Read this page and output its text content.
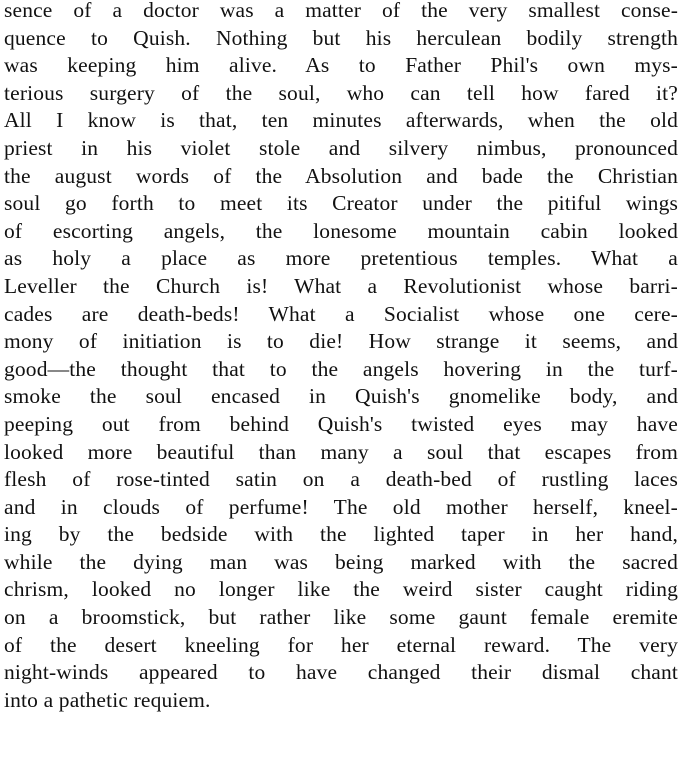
sence of a doctor was a matter of the very smallest conse-
quence to Quish. Nothing but his herculean bodily strength
was keeping him alive. As to Father Phil's own mys-
terious surgery of the soul, who can tell how fared it?
All I know is that, ten minutes afterwards, when the old
priest in his violet stole and silvery nimbus, pronounced
the august words of the Absolution and bade the Christian
soul go forth to meet its Creator under the pitiful wings
of escorting angels, the lonesome mountain cabin looked
as holy a place as more pretentious temples. What a
Leveller the Church is! What a Revolutionist whose barri-
cades are death-beds! What a Socialist whose one cere-
mony of initiation is to die! How strange it seems, and
good—the thought that to the angels hovering in the turf-
smoke the soul encased in Quish's gnomelike body, and
peeping out from behind Quish's twisted eyes may have
looked more beautiful than many a soul that escapes from
flesh of rose-tinted satin on a death-bed of rustling laces
and in clouds of perfume! The old mother herself, kneel-
ing by the bedside with the lighted taper in her hand,
while the dying man was being marked with the sacred
chrism, looked no longer like the weird sister caught riding
on a broomstick, but rather like some gaunt female eremite
of the desert kneeling for her eternal reward. The very
night-winds appeared to have changed their dismal chant
into a pathetic requiem.
